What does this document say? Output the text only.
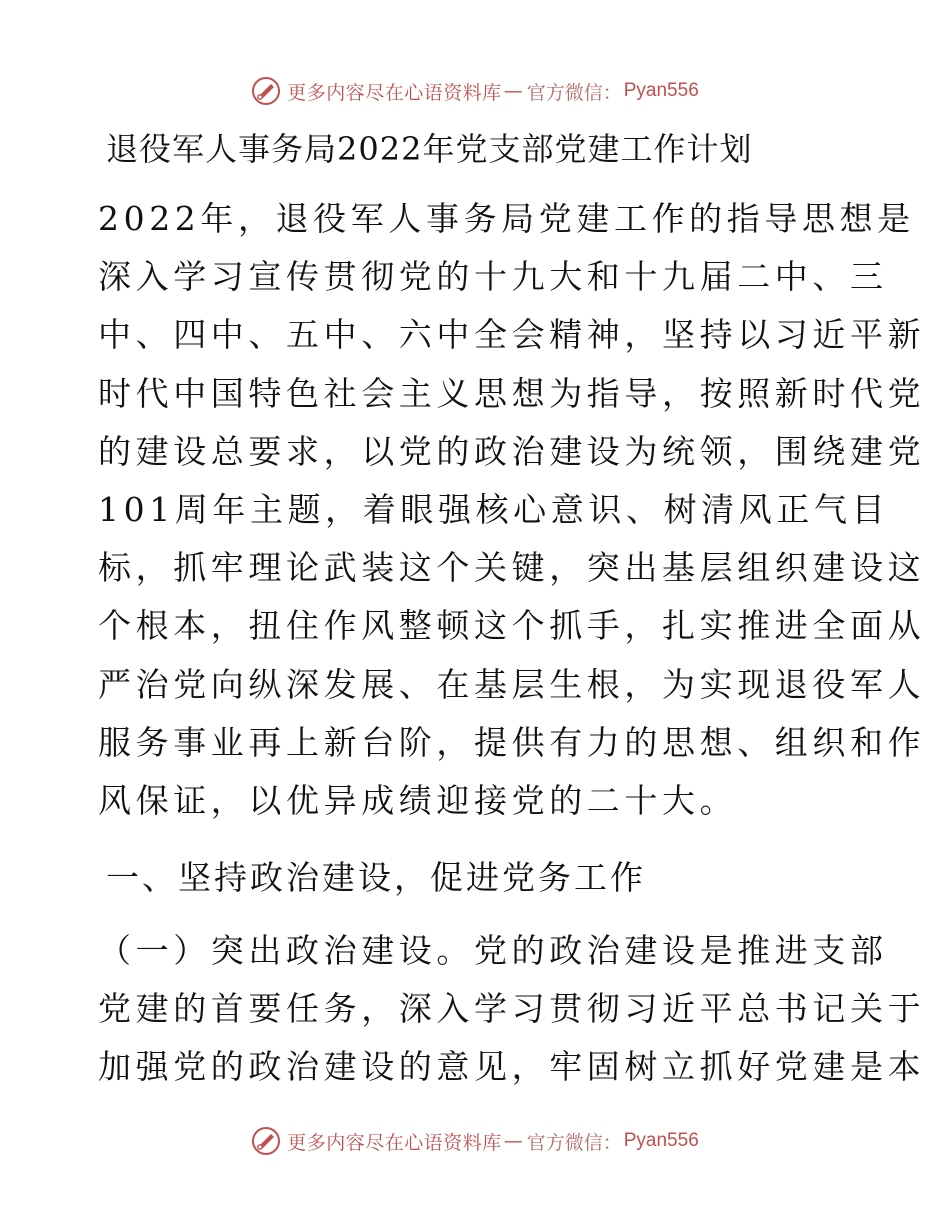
更多内容尽在心语资料库 — 官方微信： Pyan556
退役军人事务局2022年党支部党建工作计划
2022年，退役军人事务局党建工作的指导思想是
深入学习宣传贯彻党的十九大和十九届二中、三
中、四中、五中、六中全会精神，坚持以习近平新
时代中国特色社会主义思想为指导，按照新时代党
的建设总要求，以党的政治建设为统领，围绕建党
101周年主题，着眼强核心意识、树清风正气目
标，抓牢理论武装这个关键，突出基层组织建设这
个根本，扭住作风整顿这个抓手，扎实推进全面从
严治党向纵深发展、在基层生根，为实现退役军人
服务事业再上新台阶，提供有力的思想、组织和作
风保证，以优异成绩迎接党的二十大。
一、坚持政治建设，促进党务工作
（一）突出政治建设。党的政治建设是推进支部
党建的首要任务，深入学习贯彻习近平总书记关于
加强党的政治建设的意见，牢固树立抓好党建是本
更多内容尽在心语资料库 — 官方微信： Pyan556
